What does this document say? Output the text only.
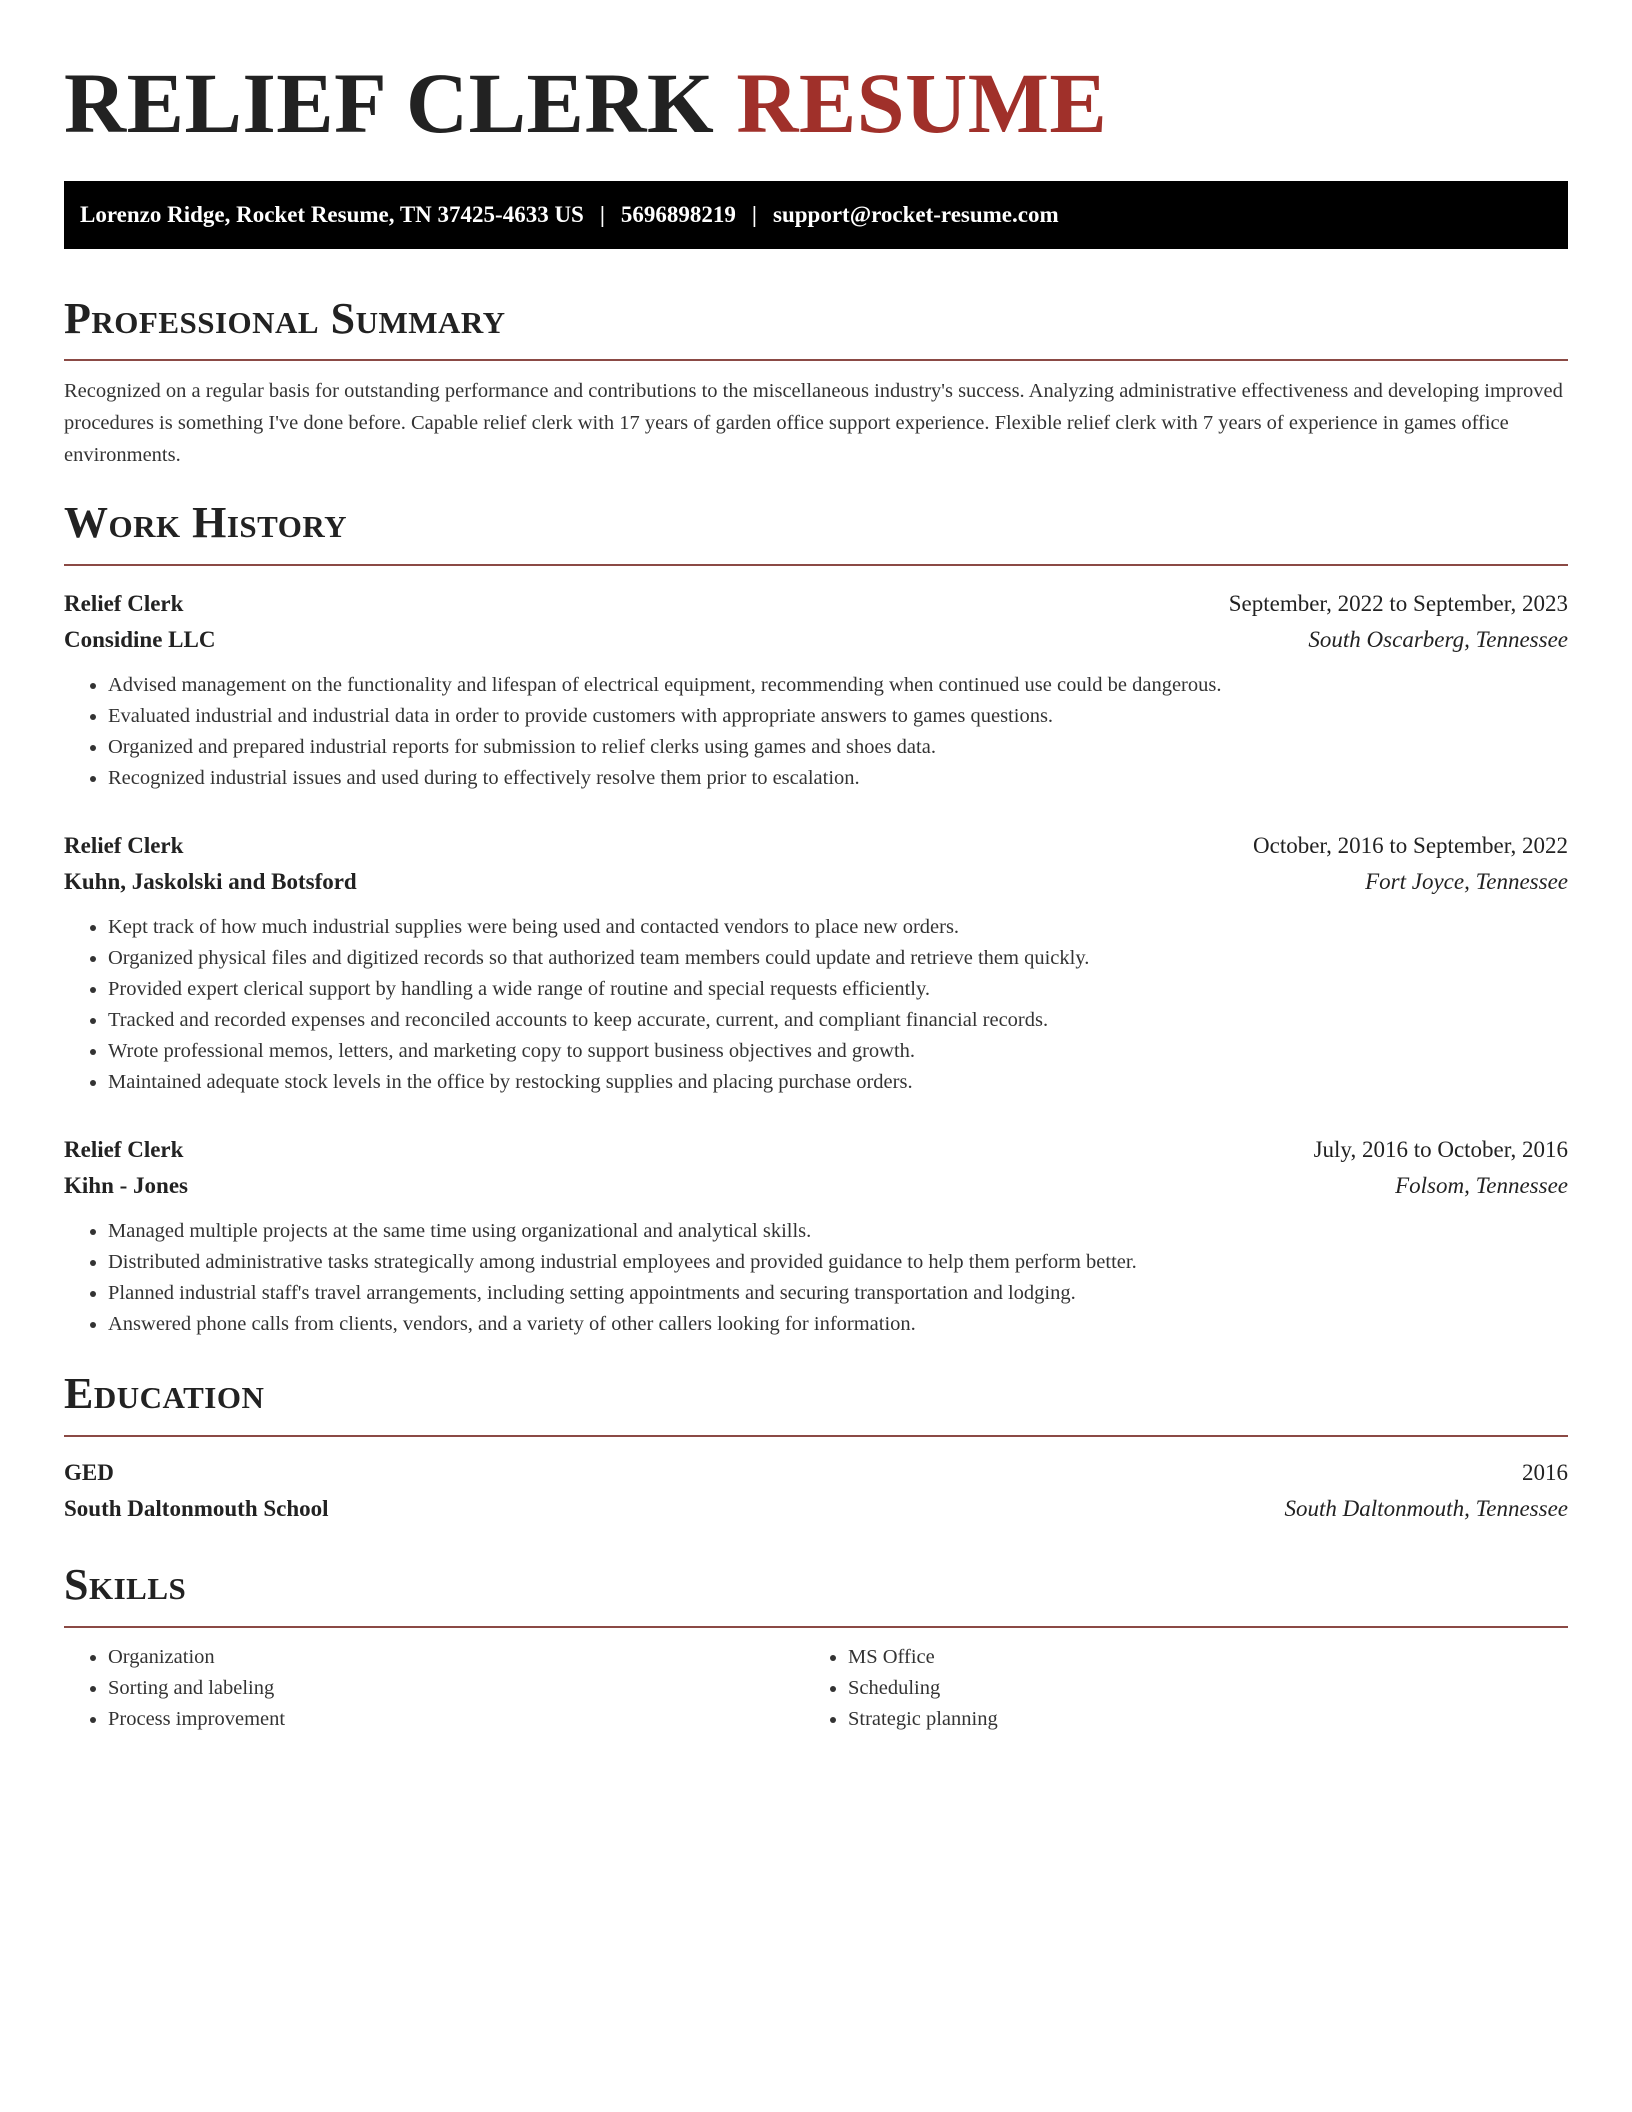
RELIEF CLERK RESUME
Lorenzo Ridge, Rocket Resume, TN 37425-4633 US | 5696898219 | support@rocket-resume.com
Professional Summary
Recognized on a regular basis for outstanding performance and contributions to the miscellaneous industry's success. Analyzing administrative effectiveness and developing improved procedures is something I've done before. Capable relief clerk with 17 years of garden office support experience. Flexible relief clerk with 7 years of experience in games office environments.
Work History
Relief Clerk	September, 2022 to September, 2023
Considine LLC	South Oscarberg, Tennessee
• Advised management on the functionality and lifespan of electrical equipment, recommending when continued use could be dangerous.
• Evaluated industrial and industrial data in order to provide customers with appropriate answers to games questions.
• Organized and prepared industrial reports for submission to relief clerks using games and shoes data.
• Recognized industrial issues and used during to effectively resolve them prior to escalation.
Relief Clerk	October, 2016 to September, 2022
Kuhn, Jaskolski and Botsford	Fort Joyce, Tennessee
• Kept track of how much industrial supplies were being used and contacted vendors to place new orders.
• Organized physical files and digitized records so that authorized team members could update and retrieve them quickly.
• Provided expert clerical support by handling a wide range of routine and special requests efficiently.
• Tracked and recorded expenses and reconciled accounts to keep accurate, current, and compliant financial records.
• Wrote professional memos, letters, and marketing copy to support business objectives and growth.
• Maintained adequate stock levels in the office by restocking supplies and placing purchase orders.
Relief Clerk	July, 2016 to October, 2016
Kihn - Jones	Folsom, Tennessee
• Managed multiple projects at the same time using organizational and analytical skills.
• Distributed administrative tasks strategically among industrial employees and provided guidance to help them perform better.
• Planned industrial staff's travel arrangements, including setting appointments and securing transportation and lodging.
• Answered phone calls from clients, vendors, and a variety of other callers looking for information.
Education
GED	2016
South Daltonmouth School	South Daltonmouth, Tennessee
Skills
• Organization
• Sorting and labeling
• Process improvement
• MS Office
• Scheduling
• Strategic planning
